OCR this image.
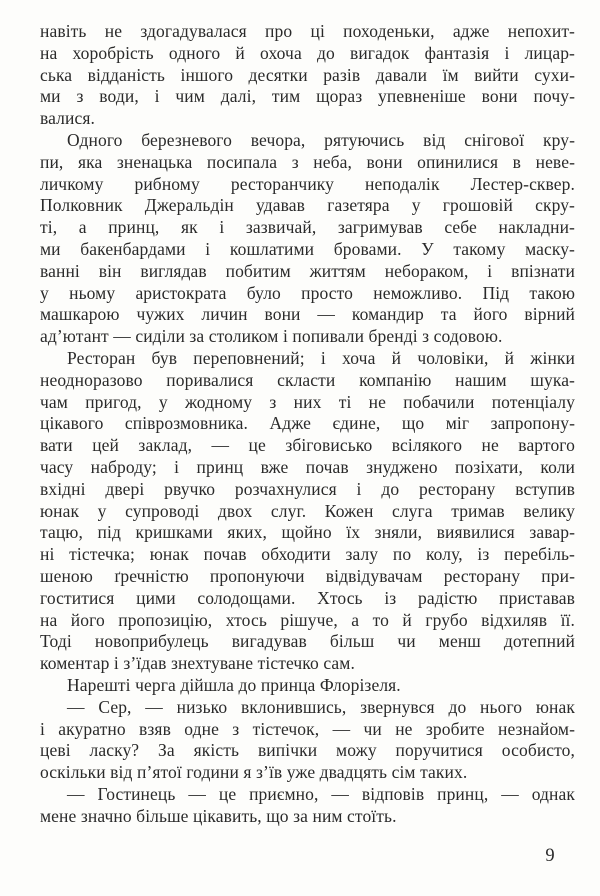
навіть не здогадувалася про ці походеньки, адже непохит-
на хоробрість одного й охоча до вигадок фантазія і лицар-
ська відданість іншого десятки разів давали їм вийти сухи-
ми з води, і чим далі, тим щораз упевненіше вони почу-
валися.
Одного березневого вечора, рятуючись від снігової кру-
пи, яка зненацька посипала з неба, вони опинилися в неве-
личкому рибному ресторанчику неподалік Лестер-сквер.
Полковник Джеральдін удавав газетяра у грошовій скру-
ті, а принц, як і зазвичай, загримував себе накладни-
ми бакенбардами і кошлатими бровами. У такому маску-
ванні він виглядав побитим життям небораком, і впізнати
у ньому аристократа було просто неможливо. Під такою
машкарою чужих личин вони — командир та його вірний
ад’ютант — сиділи за столиком і попивали бренді з содовою.
Ресторан був переповнений; і хоча й чоловіки, й жінки
неодноразово поривалися скласти компанію нашим шука-
чам пригод, у жодному з них ті не побачили потенціалу
цікавого співрозмовника. Адже єдине, що міг запропону-
вати цей заклад, — це збіговисько всілякого не вартого
часу наброду; і принц вже почав знуджено позіхати, коли
вхідні двері рвучко розчахнулися і до ресторану вступив
юнак у супроводі двох слуг. Кожен слуга тримав велику
тацю, під кришками яких, щойно їх зняли, виявилися завар-
ні тістечка; юнак почав обходити залу по колу, із перебіль-
шеною ґречністю пропонуючи відвідувачам ресторану при-
гоститися цими солодощами. Хтось із радістю приставав
на його пропозицію, хтось рішуче, а то й грубо відхиляв її.
Тоді новоприбулець вигадував більш чи менш дотепний
коментар і з’їдав знехтуване тістечко сам.
Нарешті черга дійшла до принца Флорізеля.
— Сер, — низько вклонившись, звернувся до нього юнак
і акуратно взяв одне з тістечок, — чи не зробите незнайом-
цеві ласку? За якість випічки можу поручитися особисто,
оскільки від п’ятої години я з’їв уже двадцять сім таких.
— Гостинець — це приємно, — відповів принц, — однак
мене значно більше цікавить, що за ним стоїть.
9
